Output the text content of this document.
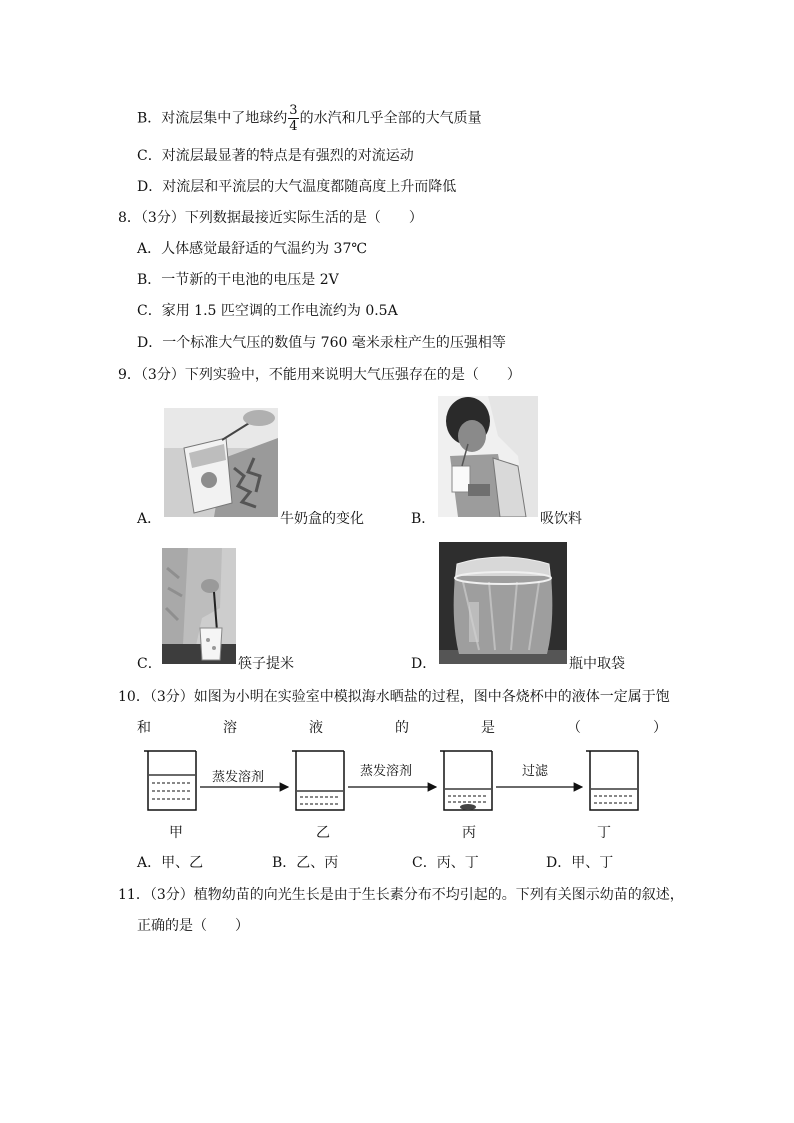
B．对流层集中了地球约 $\frac{3}{4}$ 的水汽和几乎全部的大气质量
C．对流层最显著的特点是有强烈的对流运动
D．对流层和平流层的大气温度都随高度上升而降低
8．（3分）下列数据最接近实际生活的是（　　）
A．人体感觉最舒适的气温约为 37℃
B．一节新的干电池的电压是 2V
C．家用 1.5 匹空调的工作电流约为 0.5A
D．一个标准大气压的数值与 760 毫米汞柱产生的压强相等
9．（3分）下列实验中，不能用来说明大气压强存在的是（　　）
A．	牛奶盒的变化	B．	吸饮料
C．	筷子提米	D．	瓶中取袋
10．（3分）如图为小明在实验室中模拟海水晒盐的过程，图中各烧杯中的液体一定属于饱
和	溶	液	的	是	（	）
蒸发溶剂	蒸发溶剂	过滤
甲	乙	丙	丁
A．甲、乙	B．乙、丙	C．丙、丁	D．甲、丁
11．（3分）植物幼苗的向光生长是由于生长素分布不均引起的。下列有关图示幼苗的叙述，
正确的是（　　）
